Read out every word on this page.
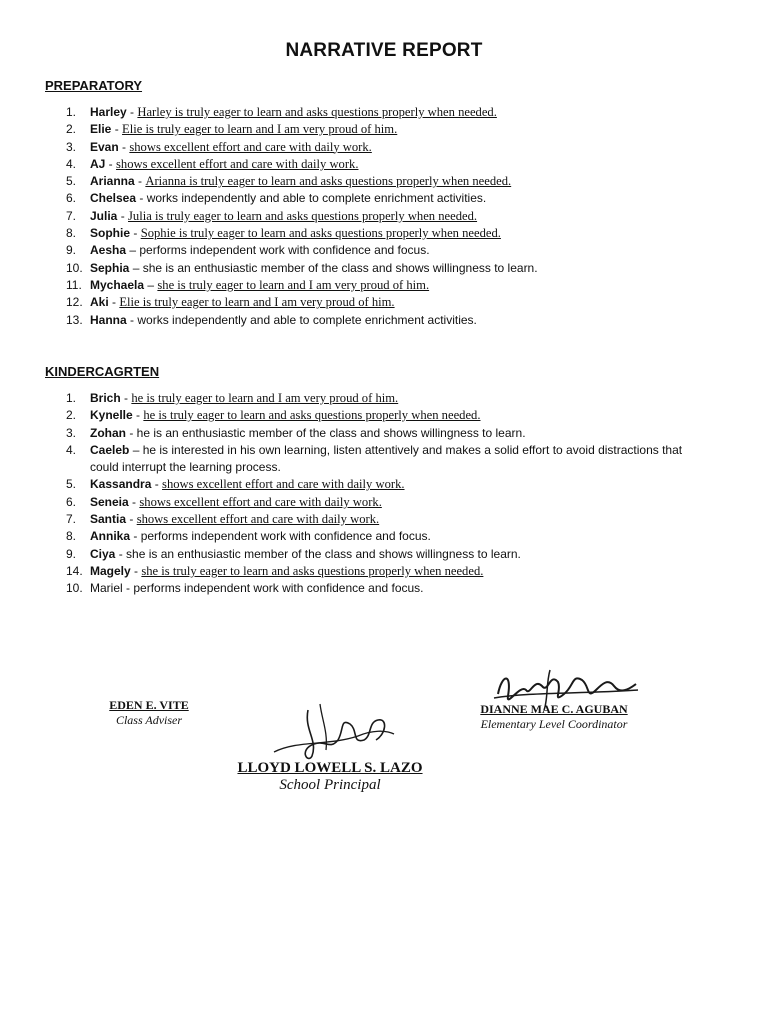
NARRATIVE REPORT
PREPARATORY
1.	Harley - Harley is truly eager to learn and asks questions properly when needed.
2.	Elie - Elie is truly eager to learn and I am very proud of him.
3.	Evan - shows excellent effort and care with daily work.
4.	AJ - shows excellent effort and care with daily work.
5.	Arianna - Arianna is truly eager to learn and asks questions properly when needed.
6.	Chelsea - works independently and able to complete enrichment activities.
7.	Julia - Julia is truly eager to learn and asks questions properly when needed.
8.	Sophie - Sophie is truly eager to learn and asks questions properly when needed.
9.	Aesha – performs independent work with confidence and focus.
10. Sephia – she is an enthusiastic member of the class and shows willingness to learn.
11. Mychaela – she is truly eager to learn and I am very proud of him.
12. Aki - Elie is truly eager to learn and I am very proud of him.
13. Hanna - works independently and able to complete enrichment activities.
KINDERCAGRTEN
1.	Brich - he is truly eager to learn and I am very proud of him.
2.	Kynelle - he is truly eager to learn and asks questions properly when needed.
3.	Zohan - he is an enthusiastic member of the class and shows willingness to learn.
4.	Caeleb – he is interested in his own learning, listen attentively and makes a solid effort to avoid distractions that could interrupt the learning process.
5.	Kassandra - shows excellent effort and care with daily work.
6.	Seneia - shows excellent effort and care with daily work.
7.	Santia - shows excellent effort and care with daily work.
8.	Annika - performs independent work with confidence and focus.
9.	Ciya - she is an enthusiastic member of the class and shows willingness to learn.
14. Magely - she is truly eager to learn and asks questions properly when needed.
10. Mariel - performs independent work with confidence and focus.
EDEN E. VITE
Class Adviser
DIANNE MAE C. AGUBAN
Elementary Level Coordinator
LLOYD LOWELL S. LAZO
School Principal
